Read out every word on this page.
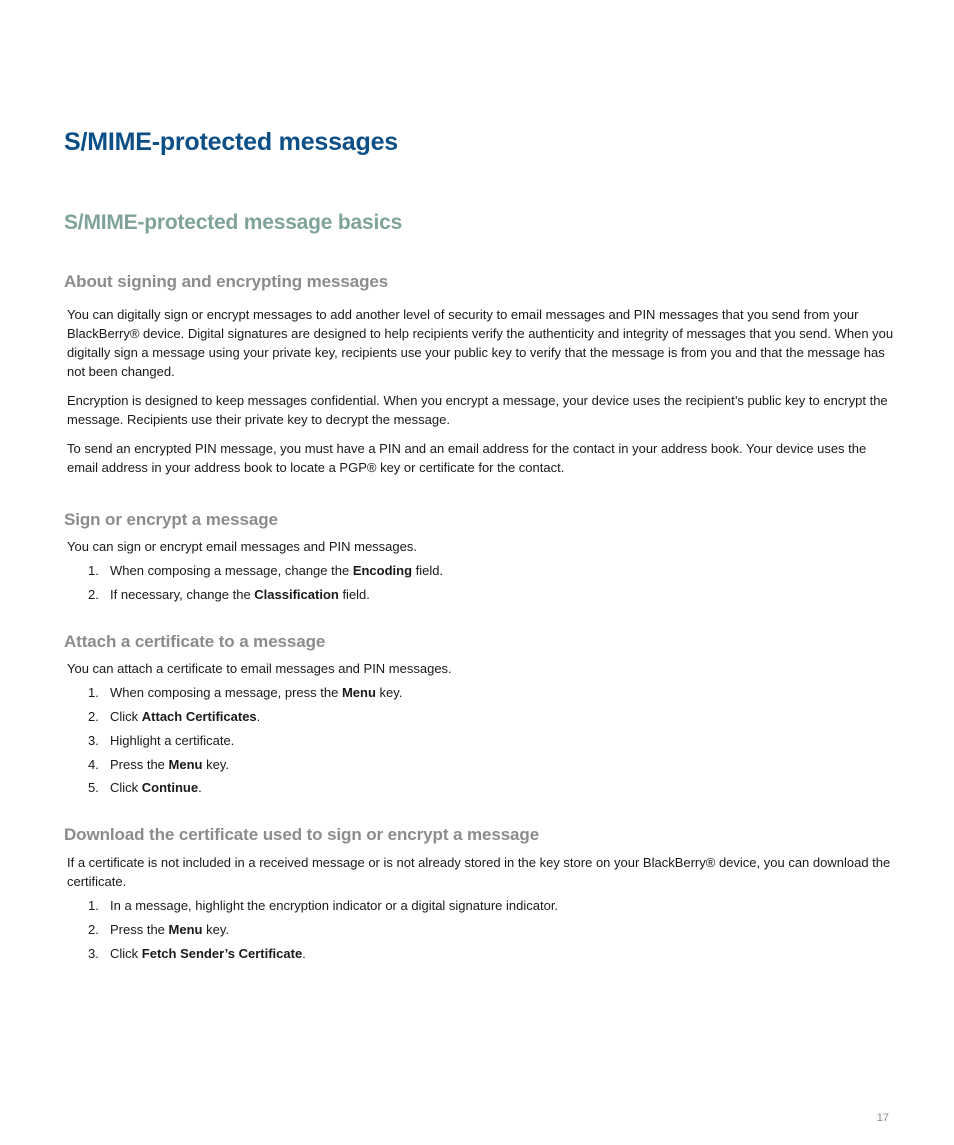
S/MIME-protected messages
S/MIME-protected message basics
About signing and encrypting messages

You can digitally sign or encrypt messages to add another level of security to email messages and PIN messages that you send from your BlackBerry® device. Digital signatures are designed to help recipients verify the authenticity and integrity of messages that you send. When you digitally sign a message using your private key, recipients use your public key to verify that the message is from you and that the message has not been changed.

Encryption is designed to keep messages confidential. When you encrypt a message, your device uses the recipient’s public key to encrypt the message. Recipients use their private key to decrypt the message.

To send an encrypted PIN message, you must have a PIN and an email address for the contact in your address book. Your device uses the email address in your address book to locate a PGP® key or certificate for the contact.

Sign or encrypt a message

You can sign or encrypt email messages and PIN messages.

1. When composing a message, change the Encoding field.
2. If necessary, change the Classification field.
Attach a certificate to a message

You can attach a certificate to email messages and PIN messages.

1. When composing a message, press the Menu key.
2. Click Attach Certificates.
3. Highlight a certificate.
4. Press the Menu key.
5. Click Continue.
Download the certificate used to sign or encrypt a message

If a certificate is not included in a received message or is not already stored in the key store on your BlackBerry® device, you can download the certificate.

1. In a message, highlight the encryption indicator or a digital signature indicator.
2. Press the Menu key.
3. Click Fetch Sender’s Certificate.
17
